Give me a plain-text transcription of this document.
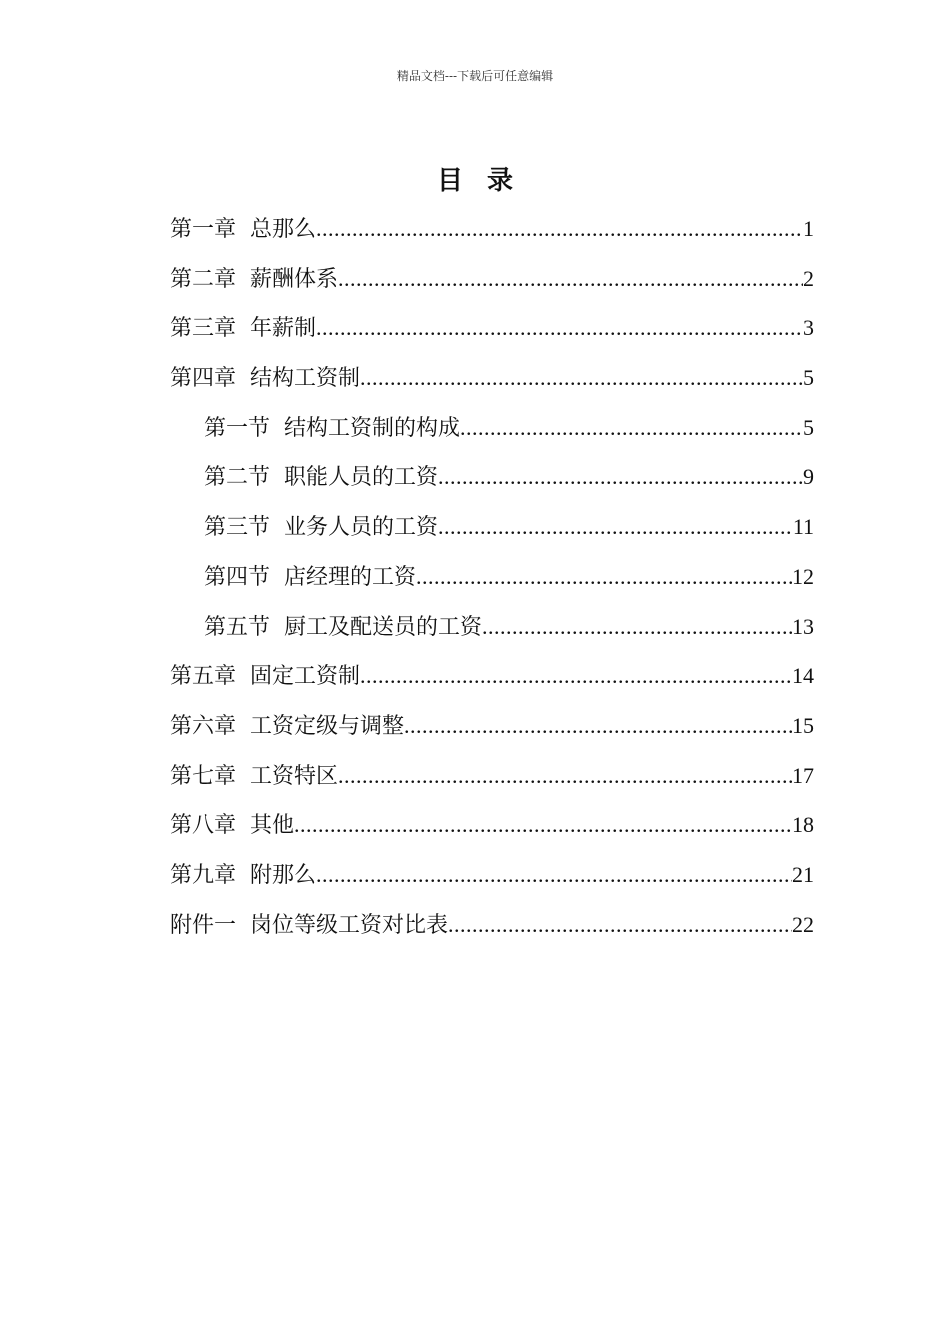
精品文档---下载后可任意编辑
目录
第一章 总那么 .....	1
第二章 薪酬体系 .....	2
第三章 年薪制 .....	3
第四章 结构工资制 .....	5
第一节 结构工资制的构成 .....	5
第二节 职能人员的工资 .....	9
第三节 业务人员的工资 .....	11
第四节 店经理的工资 .....	12
第五节 厨工及配送员的工资 .....	13
第五章 固定工资制 .....	14
第六章 工资定级与调整 .....	15
第七章 工资特区 .....	17
第八章 其他 .....	18
第九章 附那么 .....	21
附件一 岗位等级工资对比表 .....	22
